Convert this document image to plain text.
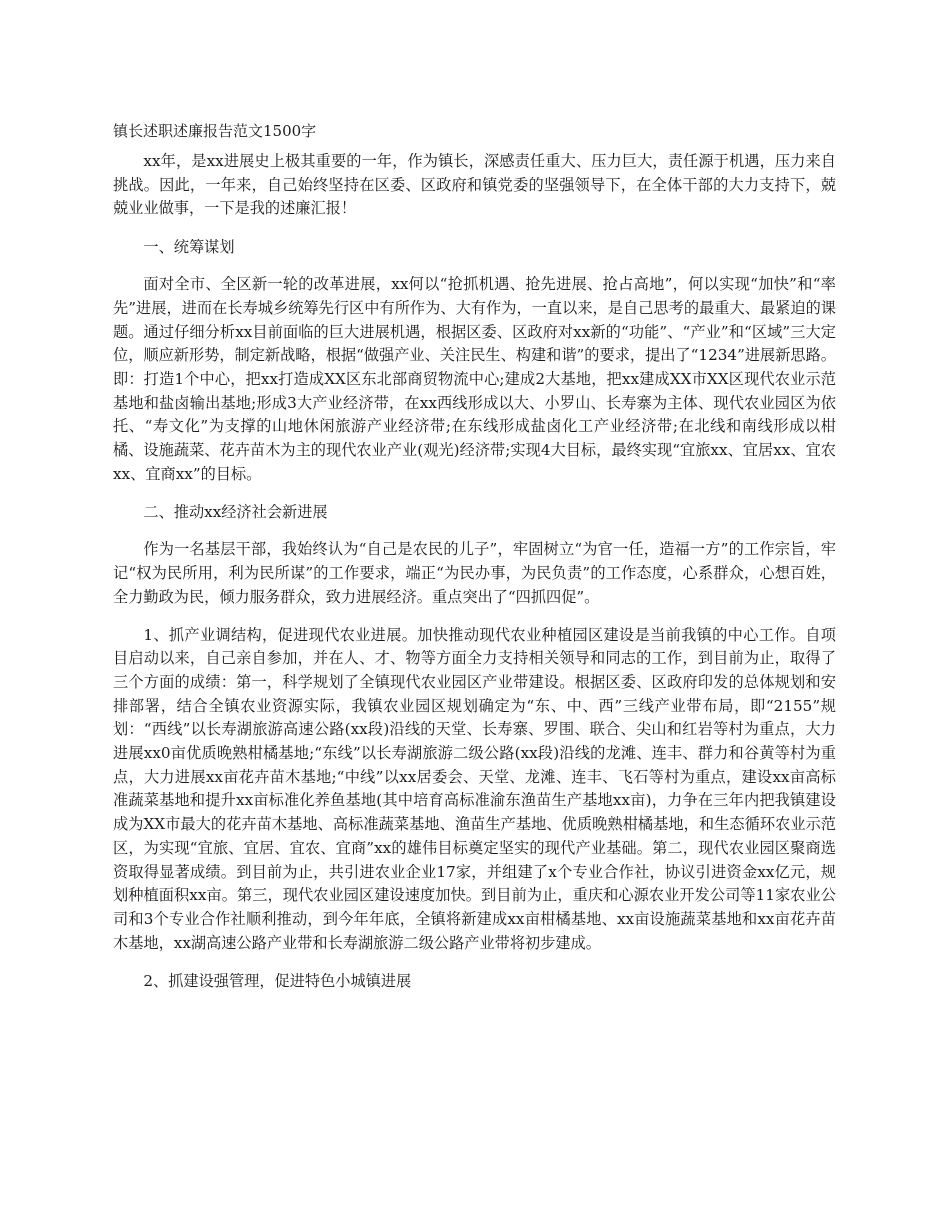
镇长述职述廉报告范文1500字

xx年，是xx进展史上极其重要的一年，作为镇长，深感责任重大、压力巨大，责任源于机遇，压力来自挑战。因此，一年来，自己始终坚持在区委、区政府和镇党委的坚强领导下，在全体干部的大力支持下，兢兢业业做事，一下是我的述廉汇报！

一、统筹谋划

面对全市、全区新一轮的改革进展，xx何以“抢抓机遇、抢先进展、抢占高地”，何以实现“加快”和“率先”进展，进而在长寿城乡统筹先行区中有所作为、大有作为，一直以来，是自己思考的最重大、最紧迫的课题。通过仔细分析xx目前面临的巨大进展机遇，根据区委、区政府对xx新的“功能”、“产业”和“区域”三大定位，顺应新形势，制定新战略，根据“做强产业、关注民生、构建和谐”的要求，提出了“1234”进展新思路。即：打造1个中心，把xx打造成XX区东北部商贸物流中心;建成2大基地，把xx建成XX市XX区现代农业示范基地和盐卤输出基地;形成3大产业经济带，在xx西线形成以大、小罗山、长寿寨为主体、现代农业园区为依托、“寿文化”为支撑的山地休闲旅游产业经济带;在东线形成盐卤化工产业经济带;在北线和南线形成以柑橘、设施蔬菜、花卉苗木为主的现代农业产业(观光)经济带;实现4大目标，最终实现“宜旅xx、宜居xx、宜农xx、宜商xx”的目标。

二、推动xx经济社会新进展

作为一名基层干部，我始终认为“自己是农民的儿子”，牢固树立“为官一任，造福一方”的工作宗旨，牢记“权为民所用，利为民所谋”的工作要求，端正“为民办事，为民负责”的工作态度，心系群众，心想百姓，全力勤政为民，倾力服务群众，致力进展经济。重点突出了“四抓四促”。

1、抓产业调结构，促进现代农业进展。加快推动现代农业种植园区建设是当前我镇的中心工作。自项目启动以来，自己亲自参加，并在人、才、物等方面全力支持相关领导和同志的工作，到目前为止，取得了三个方面的成绩：第一，科学规划了全镇现代农业园区产业带建设。根据区委、区政府印发的总体规划和安排部署，结合全镇农业资源实际，我镇农业园区规划确定为“东、中、西”三线产业带布局，即“2155”规划：“西线”以长寿湖旅游高速公路(xx段)沿线的天堂、长寿寨、罗围、联合、尖山和红岩等村为重点，大力进展xx0亩优质晚熟柑橘基地;“东线”以长寿湖旅游二级公路(xx段)沿线的龙滩、连丰、群力和谷黄等村为重点，大力进展xx亩花卉苗木基地;“中线”以xx居委会、天堂、龙滩、连丰、飞石等村为重点，建设xx亩高标准蔬菜基地和提升xx亩标准化养鱼基地(其中培育高标准渝东渔苗生产基地xx亩)，力争在三年内把我镇建设成为XX市最大的花卉苗木基地、高标准蔬菜基地、渔苗生产基地、优质晚熟柑橘基地，和生态循环农业示范区，为实现“宜旅、宜居、宜农、宜商”xx的雄伟目标奠定坚实的现代产业基础。第二，现代农业园区聚商选资取得显著成绩。到目前为止，共引进农业企业17家，并组建了x个专业合作社，协议引进资金xx亿元，规划种植面积xx亩。第三，现代农业园区建设速度加快。到目前为止，重庆和心源农业开发公司等11家农业公司和3个专业合作社顺利推动，到今年年底，全镇将新建成xx亩柑橘基地、xx亩设施蔬菜基地和xx亩花卉苗木基地，xx湖高速公路产业带和长寿湖旅游二级公路产业带将初步建成。

2、抓建设强管理，促进特色小城镇进展
